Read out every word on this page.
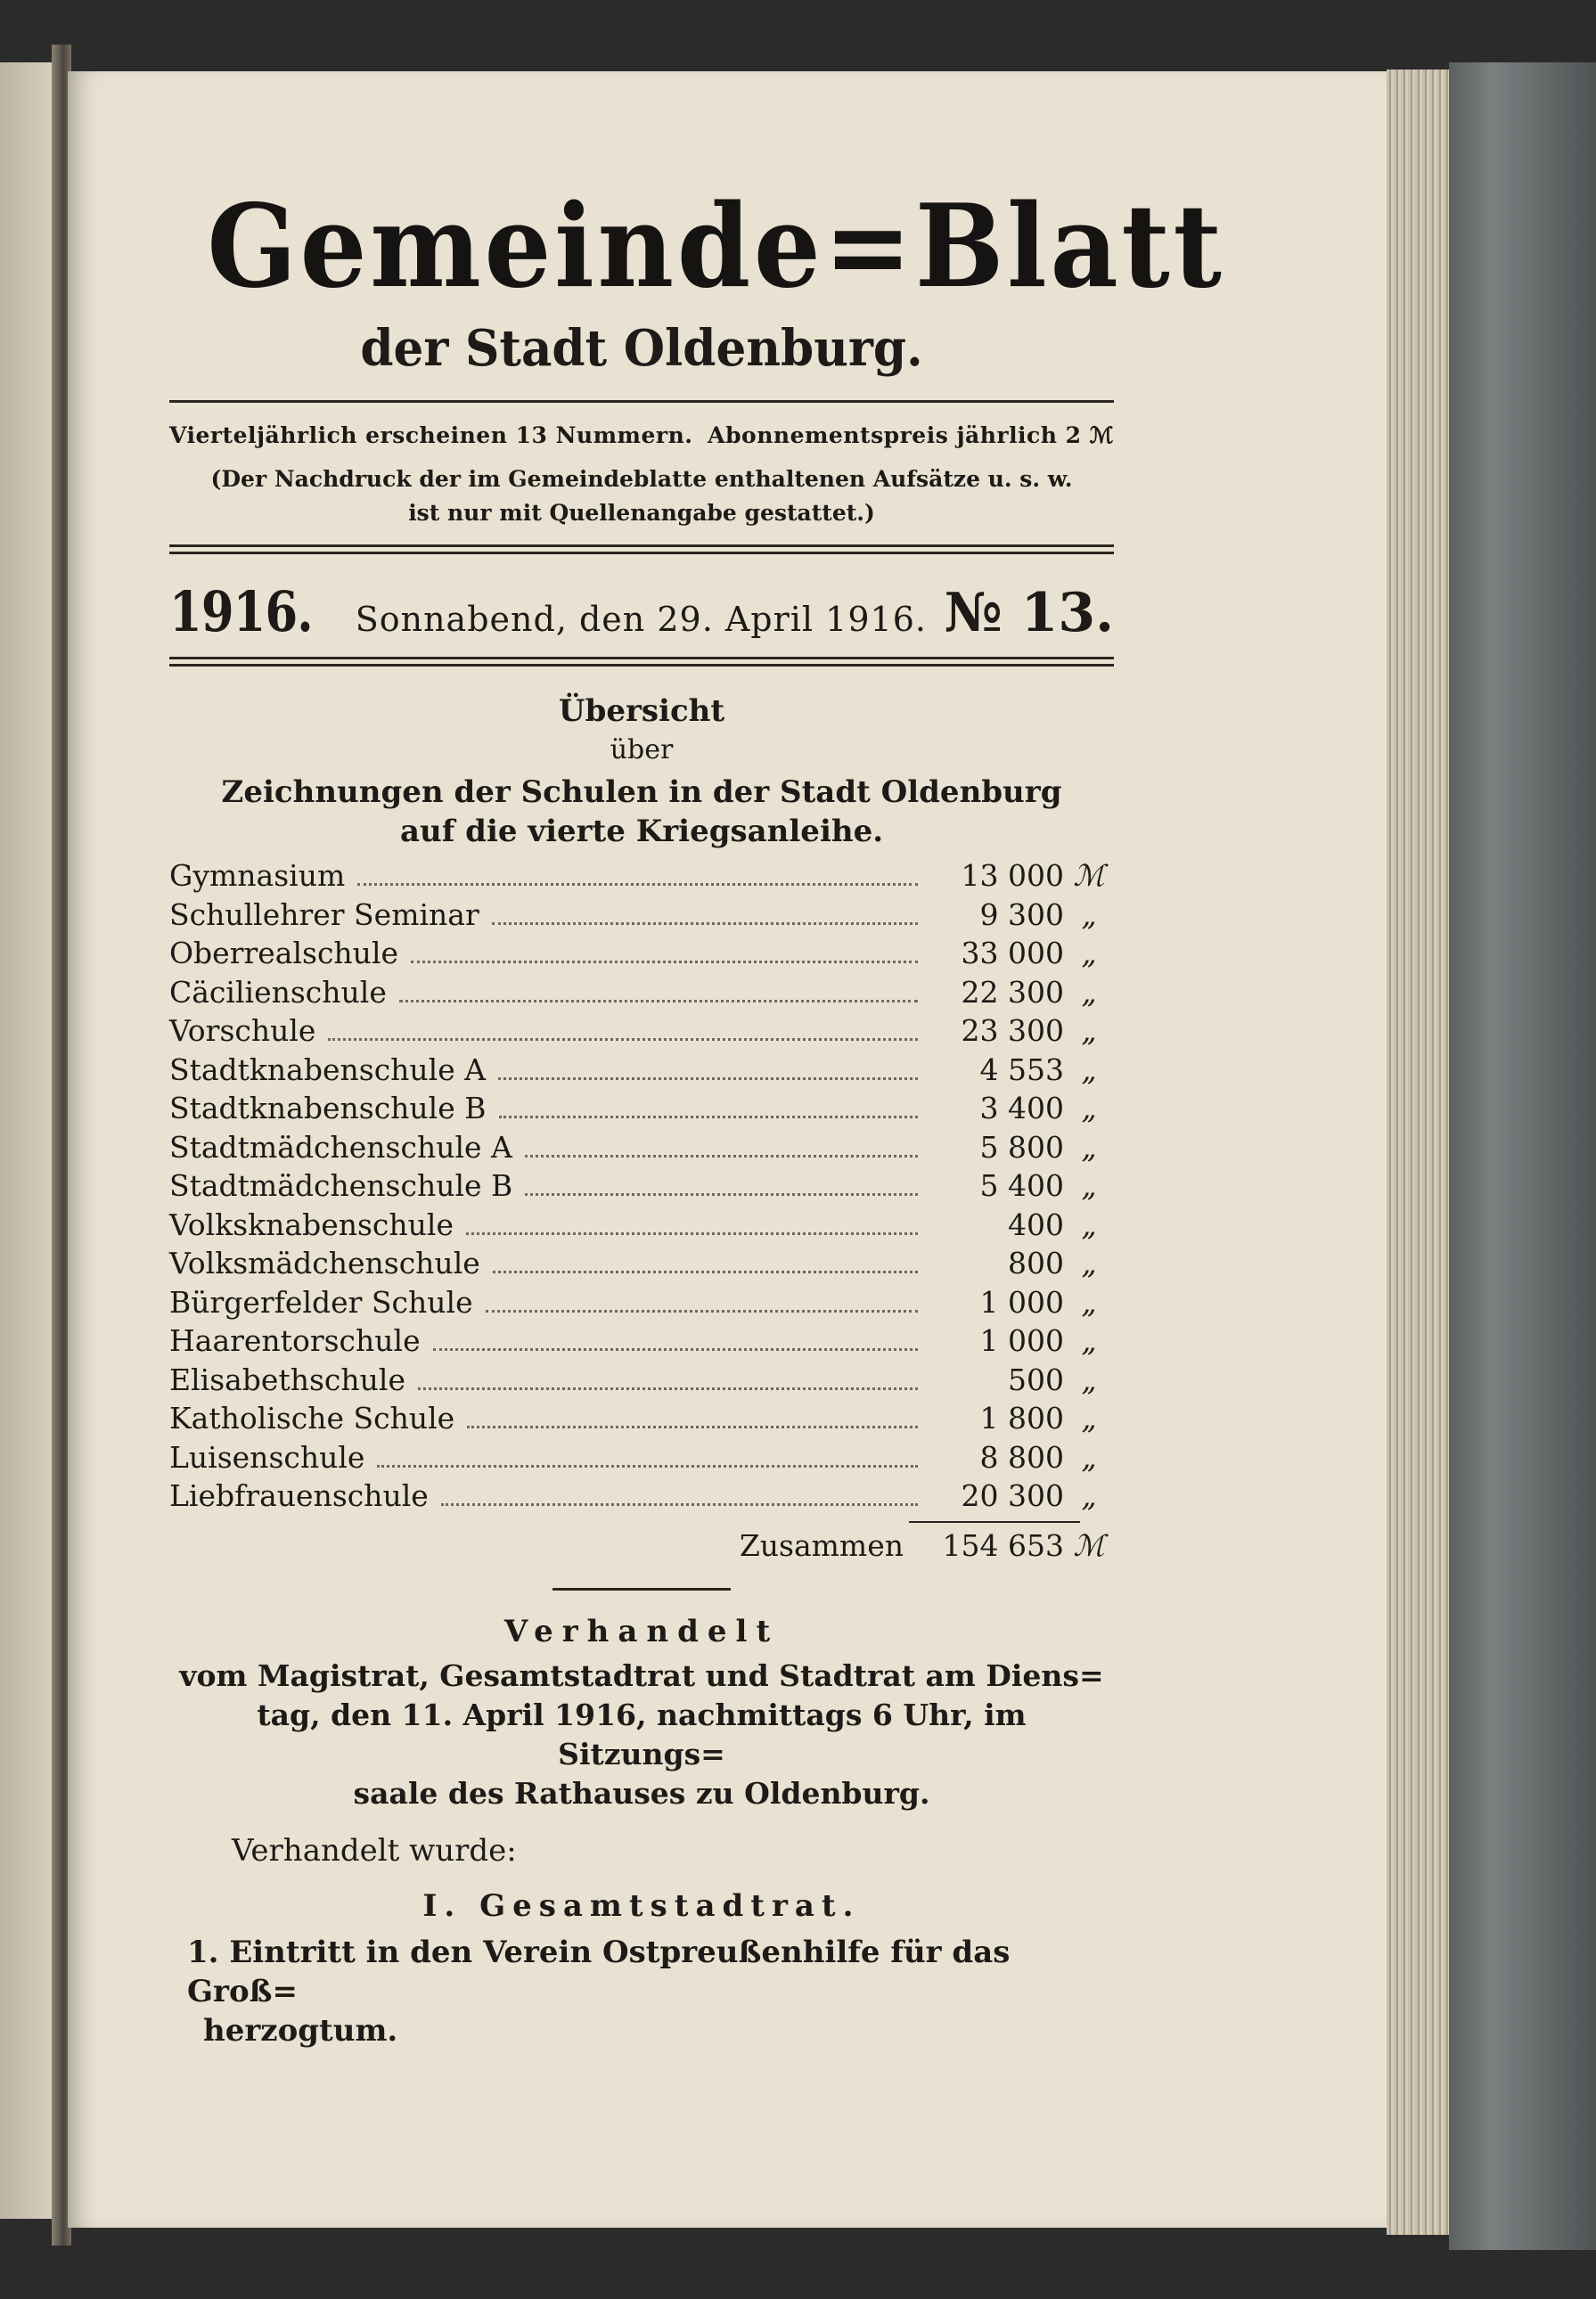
Gemeinde=Blatt
der Stadt Oldenburg.
Vierteljährlich erscheinen 13 Nummern. Abonnementspreis jährlich 2 ℳ
(Der Nachdruck der im Gemeindeblatte enthaltenen Aufsätze u. s. w.
ist nur mit Quellenangabe gestattet.)
1916. Sonnabend, den 29. April 1916. № 13.
Übersicht
über
Zeichnungen der Schulen in der Stadt Oldenburg
auf die vierte Kriegsanleihe.
Gymnasium	13 000 ℳ
Schullehrer Seminar	9 300 „
Oberrealschule	33 000 „
Cäcilienschule	22 300 „
Vorschule	23 300 „
Stadtknabenschule A	4 553 „
Stadtknabenschule B	3 400 „
Stadtmädchenschule A	5 800 „
Stadtmädchenschule B	5 400 „
Volksknabenschule	400 „
Volksmädchenschule	800 „
Bürgerfelder Schule	1 000 „
Haarentorschule	1 000 „
Elisabethschule	500 „
Katholische Schule	1 800 „
Luisenschule	8 800 „
Liebfrauenschule	20 300 „
Zusammen	154 653 ℳ
Verhandelt
vom Magistrat, Gesamtstadtrat und Stadtrat am Diens=
tag, den 11. April 1916, nachmittags 6 Uhr, im Sitzungs=
saale des Rathauses zu Oldenburg.
Verhandelt wurde:
I. Gesamtstadtrat.
1. Eintritt in den Verein Ostpreußenhilfe für das Groß=
herzogtum.
